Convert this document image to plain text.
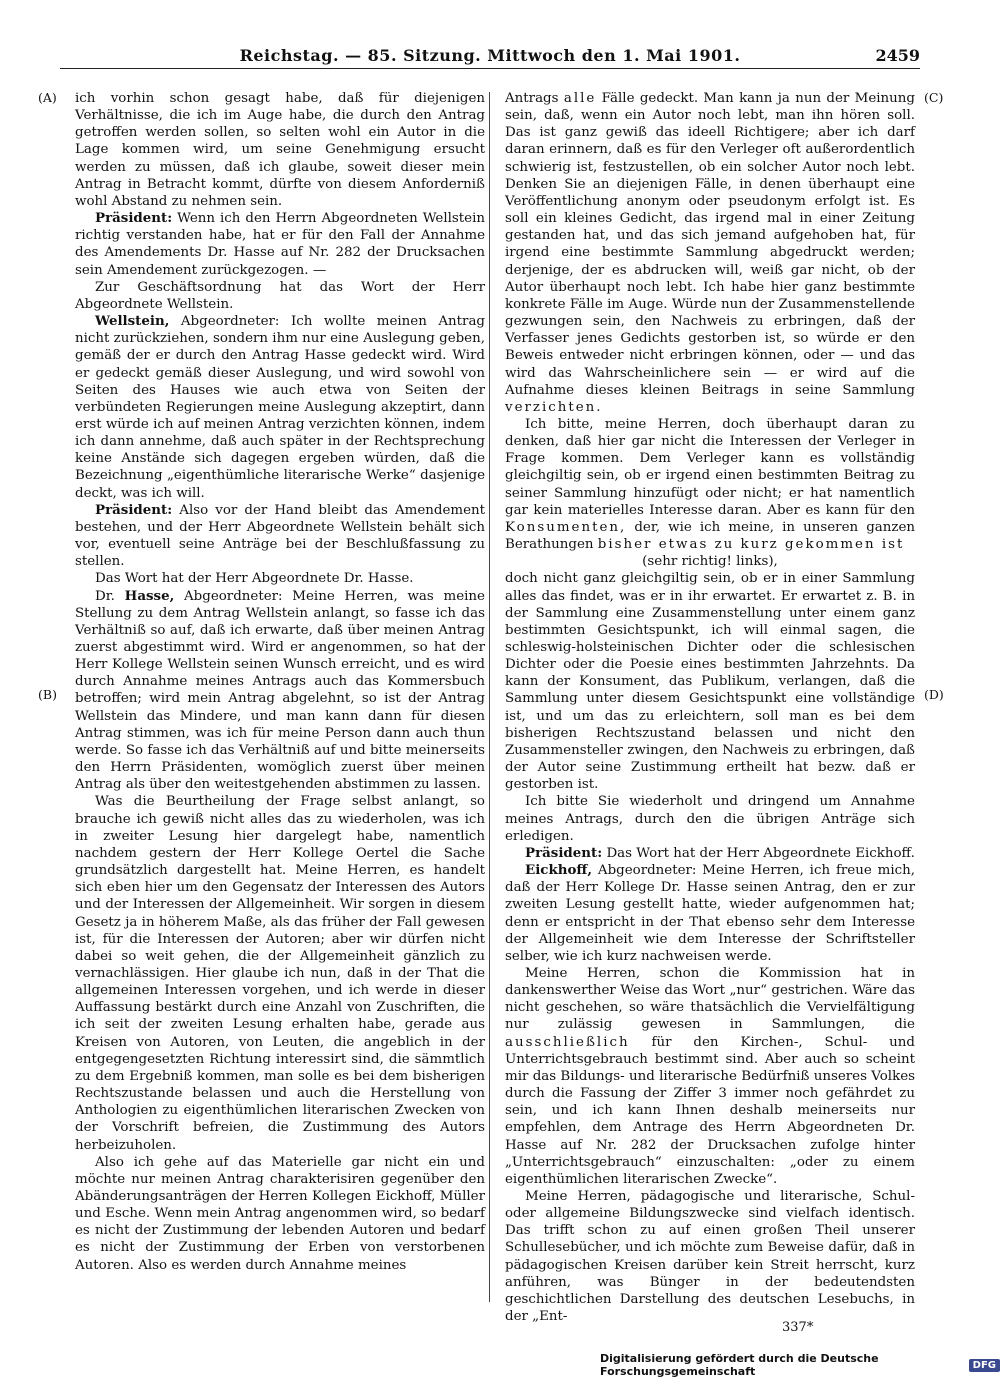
Reichstag. — 85. Sitzung. Mittwoch den 1. Mai 1901.	2459
(A)
(B)
(C)
(D)

ich vorhin schon gesagt habe, daß für diejenigen Verhältnisse, die ich im Auge habe, die durch den Antrag getroffen werden sollen, so selten wohl ein Autor in die Lage kommen wird, um seine Genehmigung ersucht werden zu müssen, daß ich glaube, soweit dieser mein Antrag in Betracht kommt, dürfte von diesem Anforderniß wohl Abstand zu nehmen sein.

Präsident: Wenn ich den Herrn Abgeordneten Wellstein richtig verstanden habe, hat er für den Fall der Annahme des Amendements Dr. Hasse auf Nr. 282 der Drucksachen sein Amendement zurückgezogen. —

Zur Geschäftsordnung hat das Wort der Herr Abgeordnete Wellstein.

Wellstein, Abgeordneter: Ich wollte meinen Antrag nicht zurückziehen, sondern ihm nur eine Auslegung geben, gemäß der er durch den Antrag Hasse gedeckt wird. Wird er gedeckt gemäß dieser Auslegung, und wird sowohl von Seiten des Hauses wie auch etwa von Seiten der verbündeten Regierungen meine Auslegung akzeptirt, dann erst würde ich auf meinen Antrag verzichten können, indem ich dann annehme, daß auch später in der Rechtsprechung keine Anstände sich dagegen ergeben würden, daß die Bezeichnung „eigenthümliche literarische Werke“ dasjenige deckt, was ich will.

Präsident: Also vor der Hand bleibt das Amendement bestehen, und der Herr Abgeordnete Wellstein behält sich vor, eventuell seine Anträge bei der Beschlußfassung zu stellen.

Das Wort hat der Herr Abgeordnete Dr. Hasse.

Dr. Hasse, Abgeordneter: Meine Herren, was meine Stellung zu dem Antrag Wellstein anlangt, so fasse ich das Verhältniß so auf, daß ich erwarte, daß über meinen Antrag zuerst abgestimmt wird. Wird er angenommen, so hat der Herr Kollege Wellstein seinen Wunsch erreicht, und es wird durch Annahme meines Antrags auch das Kommersbuch betroffen; wird mein Antrag abgelehnt, so ist der Antrag Wellstein das Mindere, und man kann dann für diesen Antrag stimmen, was ich für meine Person dann auch thun werde. So fasse ich das Verhältniß auf und bitte meinerseits den Herrn Präsidenten, womöglich zuerst über meinen Antrag als über den weitestgehenden abstimmen zu lassen.

Was die Beurtheilung der Frage selbst anlangt, so brauche ich gewiß nicht alles das zu wiederholen, was ich in zweiter Lesung hier dargelegt habe, namentlich nachdem gestern der Herr Kollege Oertel die Sache grundsätzlich dargestellt hat. Meine Herren, es handelt sich eben hier um den Gegensatz der Interessen des Autors und der Interessen der Allgemeinheit. Wir sorgen in diesem Gesetz ja in höherem Maße, als das früher der Fall gewesen ist, für die Interessen der Autoren; aber wir dürfen nicht dabei so weit gehen, die der Allgemeinheit gänzlich zu vernachlässigen. Hier glaube ich nun, daß in der That die allgemeinen Interessen vorgehen, und ich werde in dieser Auffassung bestärkt durch eine Anzahl von Zuschriften, die ich seit der zweiten Lesung erhalten habe, gerade aus Kreisen von Autoren, von Leuten, die angeblich in der entgegengesetzten Richtung interessirt sind, die sämmtlich zu dem Ergebniß kommen, man solle es bei dem bisherigen Rechtszustande belassen und auch die Herstellung von Anthologien zu eigenthümlichen literarischen Zwecken von der Vorschrift befreien, die Zustimmung des Autors herbeizuholen.

Also ich gehe auf das Materielle gar nicht ein und möchte nur meinen Antrag charakterisiren gegenüber den Abänderungsanträgen der Herren Kollegen Eickhoff, Müller und Esche. Wenn mein Antrag angenommen wird, so bedarf es nicht der Zustimmung der lebenden Autoren und bedarf es nicht der Zustimmung der Erben von verstorbenen Autoren. Also es werden durch Annahme meines

Antrags alle Fälle gedeckt. Man kann ja nun der Meinung sein, daß, wenn ein Autor noch lebt, man ihn hören soll. Das ist ganz gewiß das ideell Richtigere; aber ich darf daran erinnern, daß es für den Verleger oft außerordentlich schwierig ist, festzustellen, ob ein solcher Autor noch lebt. Denken Sie an diejenigen Fälle, in denen überhaupt eine Veröffentlichung anonym oder pseudonym erfolgt ist. Es soll ein kleines Gedicht, das irgend mal in einer Zeitung gestanden hat, und das sich jemand aufgehoben hat, für irgend eine bestimmte Sammlung abgedruckt werden; derjenige, der es abdrucken will, weiß gar nicht, ob der Autor überhaupt noch lebt. Ich habe hier ganz bestimmte konkrete Fälle im Auge. Würde nun der Zusammenstellende gezwungen sein, den Nachweis zu erbringen, daß der Verfasser jenes Gedichts gestorben ist, so würde er den Beweis entweder nicht erbringen können, oder — und das wird das Wahrscheinlichere sein — er wird auf die Aufnahme dieses kleinen Beitrags in seine Sammlung verzichten.

Ich bitte, meine Herren, doch überhaupt daran zu denken, daß hier gar nicht die Interessen der Verleger in Frage kommen. Dem Verleger kann es vollständig gleichgiltig sein, ob er irgend einen bestimmten Beitrag zu seiner Sammlung hinzufügt oder nicht; er hat namentlich gar kein materielles Interesse daran. Aber es kann für den Konsumenten, der, wie ich meine, in unseren ganzen Berathungen bisher etwas zu kurz gekommen ist

(sehr richtig! links),

doch nicht ganz gleichgiltig sein, ob er in einer Sammlung alles das findet, was er in ihr erwartet. Er erwartet z. B. in der Sammlung eine Zusammenstellung unter einem ganz bestimmten Gesichtspunkt, ich will einmal sagen, die schleswig-holsteinischen Dichter oder die schlesischen Dichter oder die Poesie eines bestimmten Jahrzehnts. Da kann der Konsument, das Publikum, verlangen, daß die Sammlung unter diesem Gesichtspunkt eine vollständige ist, und um das zu erleichtern, soll man es bei dem bisherigen Rechtszustand belassen und nicht den Zusammensteller zwingen, den Nachweis zu erbringen, daß der Autor seine Zustimmung ertheilt hat bezw. daß er gestorben ist.

Ich bitte Sie wiederholt und dringend um Annahme meines Antrags, durch den die übrigen Anträge sich erledigen.

Präsident: Das Wort hat der Herr Abgeordnete Eickhoff.

Eickhoff, Abgeordneter: Meine Herren, ich freue mich, daß der Herr Kollege Dr. Hasse seinen Antrag, den er zur zweiten Lesung gestellt hatte, wieder aufgenommen hat; denn er entspricht in der That ebenso sehr dem Interesse der Allgemeinheit wie dem Interesse der Schriftsteller selber, wie ich kurz nachweisen werde.

Meine Herren, schon die Kommission hat in dankenswerther Weise das Wort „nur“ gestrichen. Wäre das nicht geschehen, so wäre thatsächlich die Vervielfältigung nur zulässig gewesen in Sammlungen, die ausschließlich für den Kirchen-, Schul- und Unterrichtsgebrauch bestimmt sind. Aber auch so scheint mir das Bildungs- und literarische Bedürfniß unseres Volkes durch die Fassung der Ziffer 3 immer noch gefährdet zu sein, und ich kann Ihnen deshalb meinerseits nur empfehlen, dem Antrage des Herrn Abgeordneten Dr. Hasse auf Nr. 282 der Drucksachen zufolge hinter „Unterrichtsgebrauch“ einzuschalten: „oder zu einem eigenthümlichen literarischen Zwecke“.

Meine Herren, pädagogische und literarische, Schul- oder allgemeine Bildungszwecke sind vielfach identisch. Das trifft schon zu auf einen großen Theil unserer Schullesebücher, und ich möchte zum Beweise dafür, daß in pädagogischen Kreisen darüber kein Streit herrscht, kurz anführen, was Bünger in der bedeutendsten geschichtlichen Darstellung des deutschen Lesebuchs, in der „Ent-

337*
Digitalisierung gefördert durch die Deutsche Forschungsgemeinschaft	DFG
